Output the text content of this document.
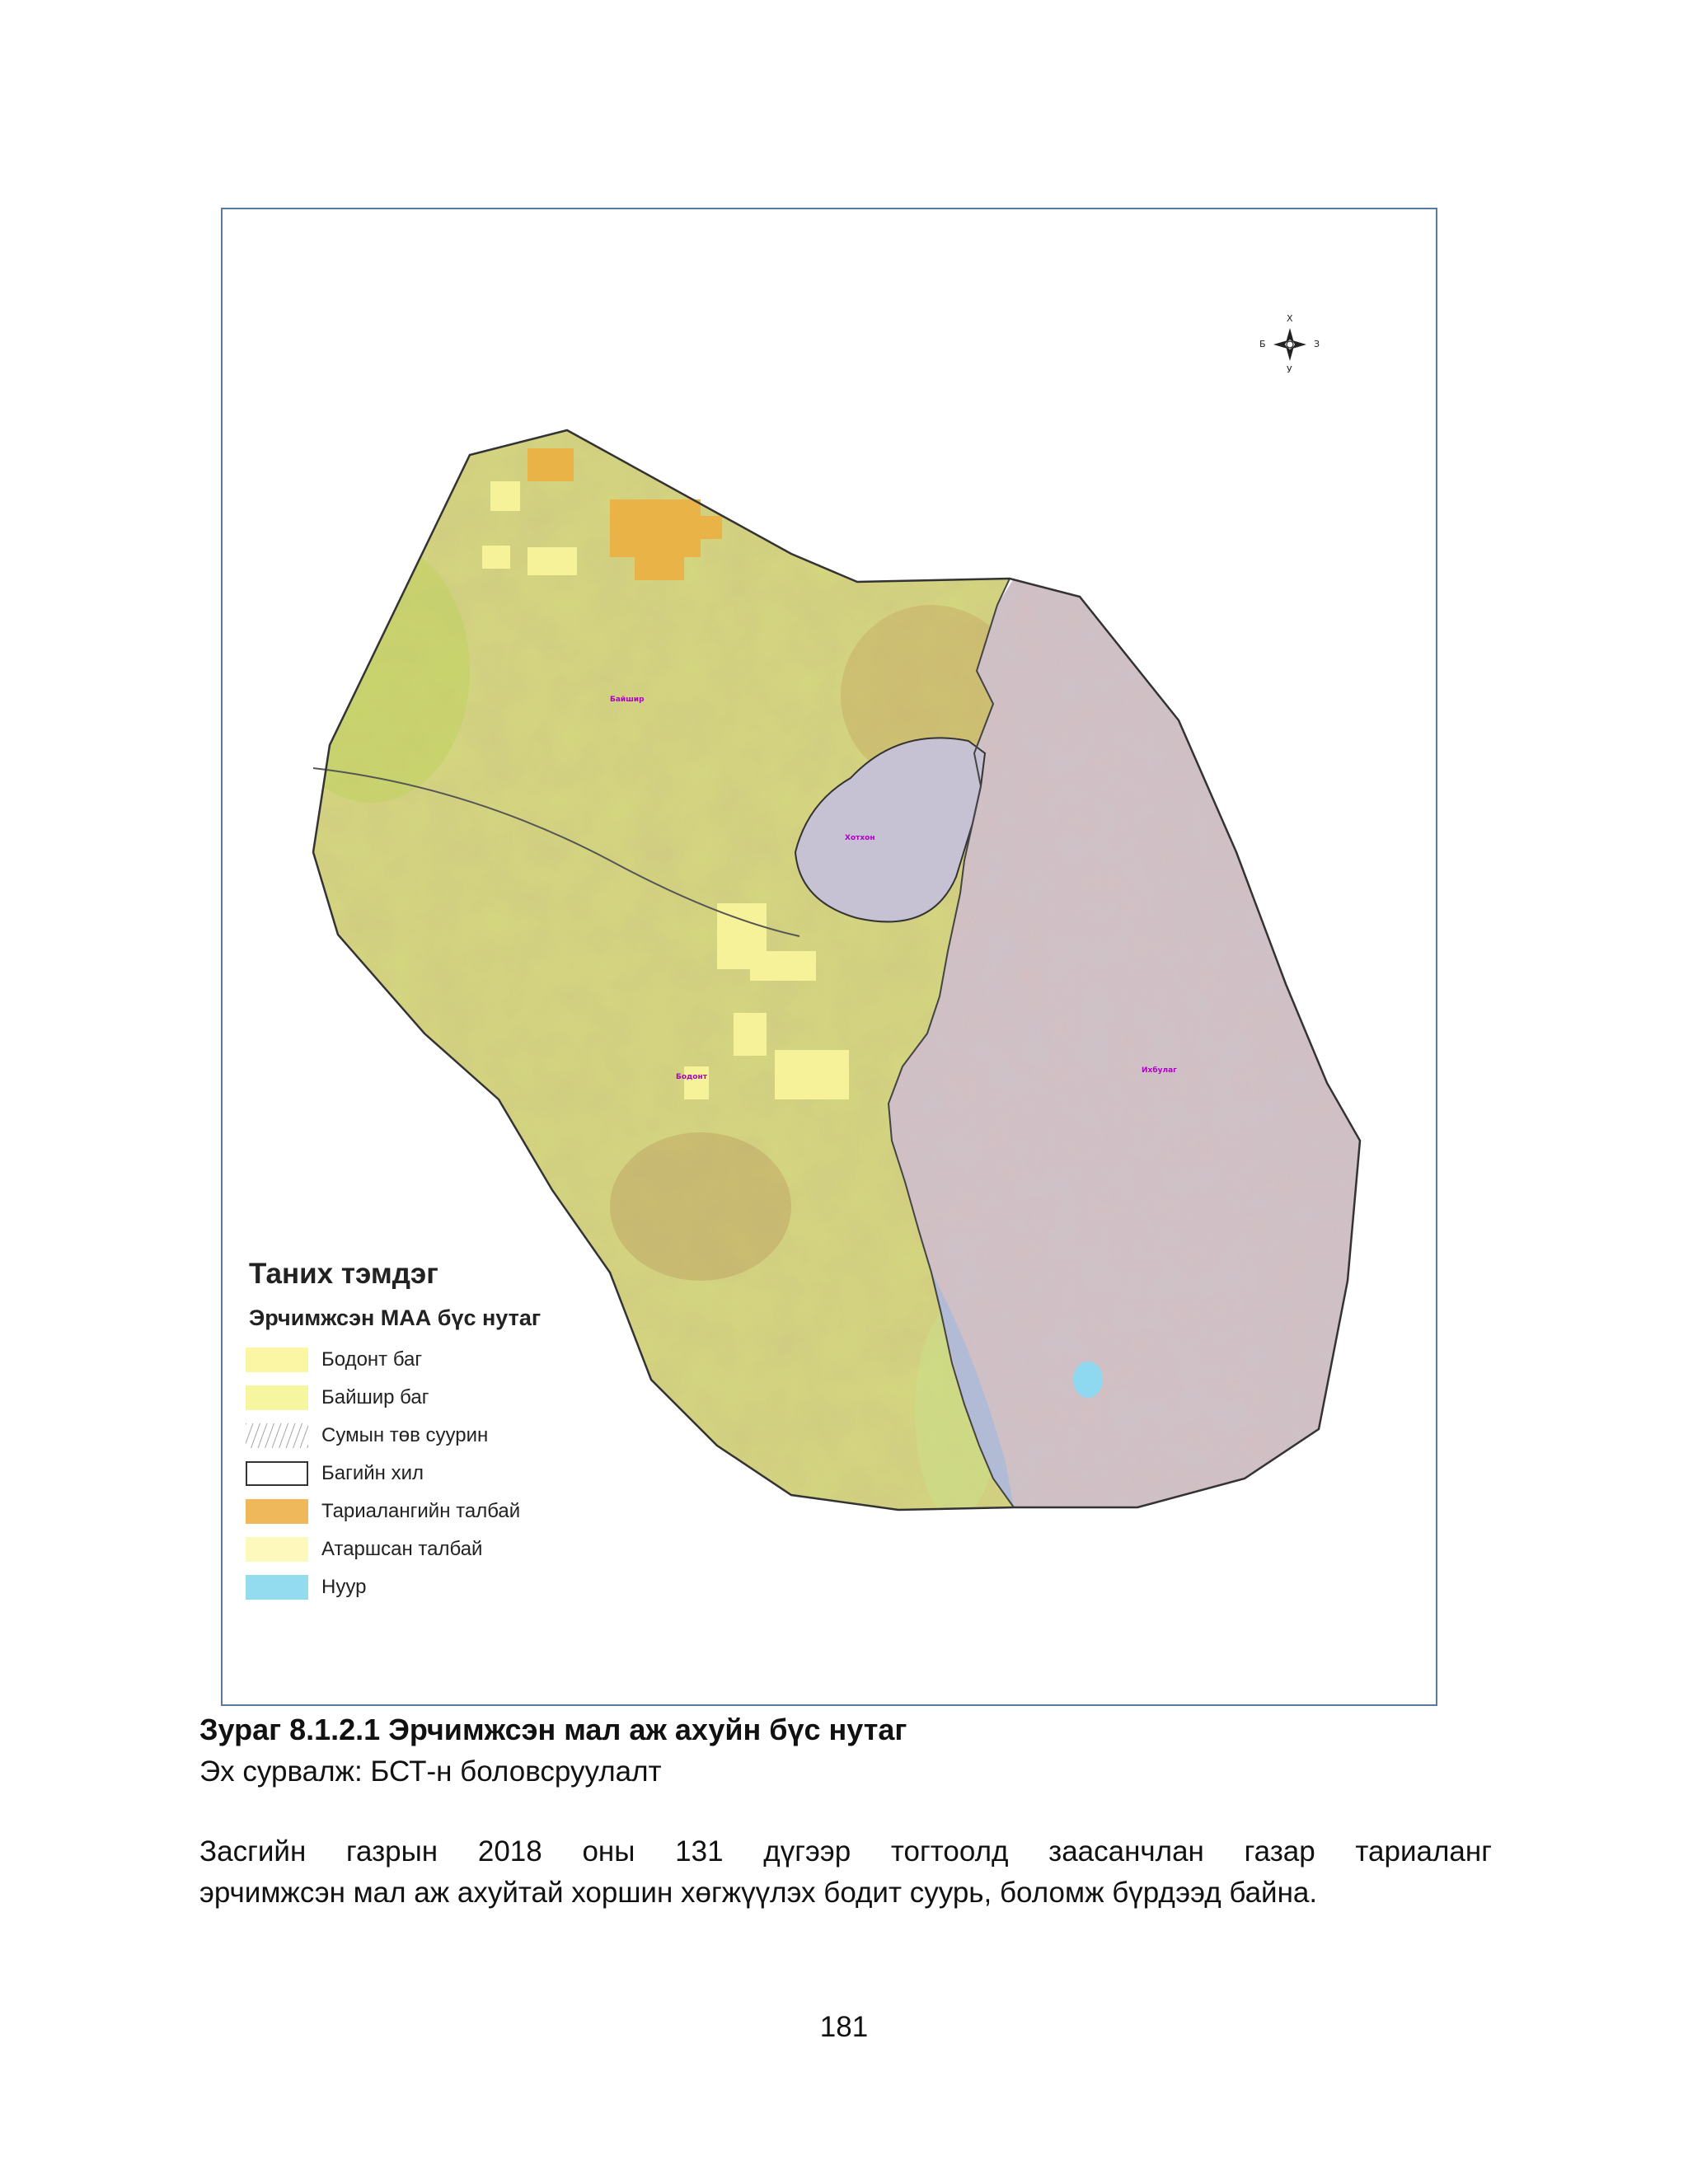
Х
У
Б	З
Байшир
Хотхон
Бодонт
Ихбулаг
Таних тэмдэг
Эрчимжсэн МАА бүс нутаг
Бодонт баг
Байшир баг
Сумын төв суурин
Багийн хил
Тариалангийн талбай
Атаршсан талбай
Нуур
Зураг 8.1.2.1 Эрчимжсэн мал аж ахуйн бүс нутаг
Эх сурвалж: БСТ-н боловсруулалт
Засгийн газрын 2018 оны 131 дүгээр тогтоолд заасанчлан газар тариаланг
эрчимжсэн мал аж ахуйтай хоршин хөгжүүлэх бодит суурь, боломж бүрдээд байна.
181
